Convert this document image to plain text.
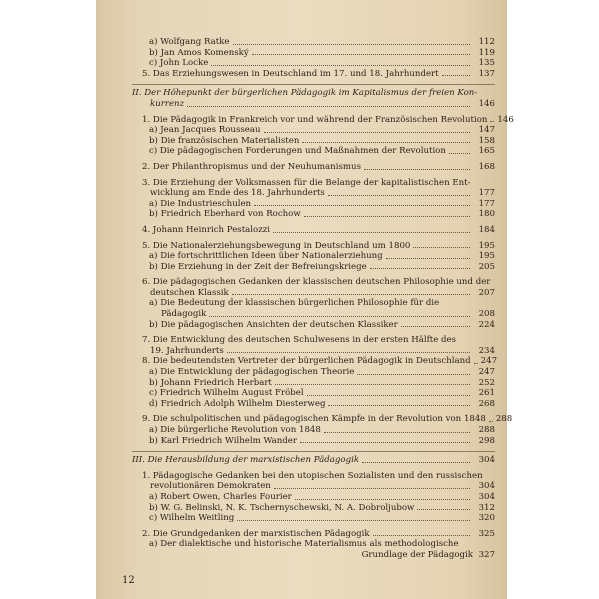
a) Wolfgang Ratke	112
b) Jan Amos Komenský	119
c) John Locke	135
5. Das Erziehungswesen in Deutschland im 17. und 18. Jahrhundert	137
II. Der Höhepunkt der bürgerlichen Pädagogik im Kapitalismus der freien Kon-
kurrenz	146
1. Die Pädagogik in Frankreich vor und während der Französischen Revolution 146
a) Jean Jacques Rousseau	147
b) Die französischen Materialisten	158
c) Die pädagogischen Forderungen und Maßnahmen der Revolution	165
2. Der Philanthropismus und der Neuhumanismus	168
3. Die Erziehung der Volksmassen für die Belange der kapitalistischen Ent-
wicklung am Ende des 18. Jahrhunderts	177
a) Die Industrieschulen	177
b) Friedrich Eberhard von Rochow	180
4. Johann Heinrich Pestalozzi	184
5. Die Nationalerziehungsbewegung in Deutschland um 1800	195
a) Die fortschrittlichen Ideen über Nationalerziehung	195
b) Die Erziehung in der Zeit der Befreiungskriege	205
6. Die pädagogischen Gedanken der klassischen deutschen Philosophie und der
deutschen Klassik	207
a) Die Bedeutung der klassischen bürgerlichen Philosophie für die
Pädagogik	208
b) Die pädagogischen Ansichten der deutschen Klassiker	224
7. Die Entwicklung des deutschen Schulwesens in der ersten Hälfte des
19. Jahrhunderts	234
8. Die bedeutendsten Vertreter der bürgerlichen Pädagogik in Deutschland 247
a) Die Entwicklung der pädagogischen Theorie	247
b) Johann Friedrich Herbart	252
c) Friedrich Wilhelm August Fröbel	261
d) Friedrich Adolph Wilhelm Diesterweg	268
9. Die schulpolitischen und pädagogischen Kämpfe in der Revolution von 1848 288
a) Die bürgerliche Revolution von 1848	288
b) Karl Friedrich Wilhelm Wander	298
III. Die Herausbildung der marxistischen Pädagogik	304
1. Pädagogische Gedanken bei den utopischen Sozialisten und den russischen
revolutionären Demokraten	304
a) Robert Owen, Charles Fourier	304
b) W. G. Belinski, N. K. Tschernyschewski, N. A. Dobroljubow	312
c) Wilhelm Weitling	320
2. Die Grundgedanken der marxistischen Pädagogik	325
a) Der dialektische und historische Materialismus als methodologische
Grundlage der Pädagogik 327
12
